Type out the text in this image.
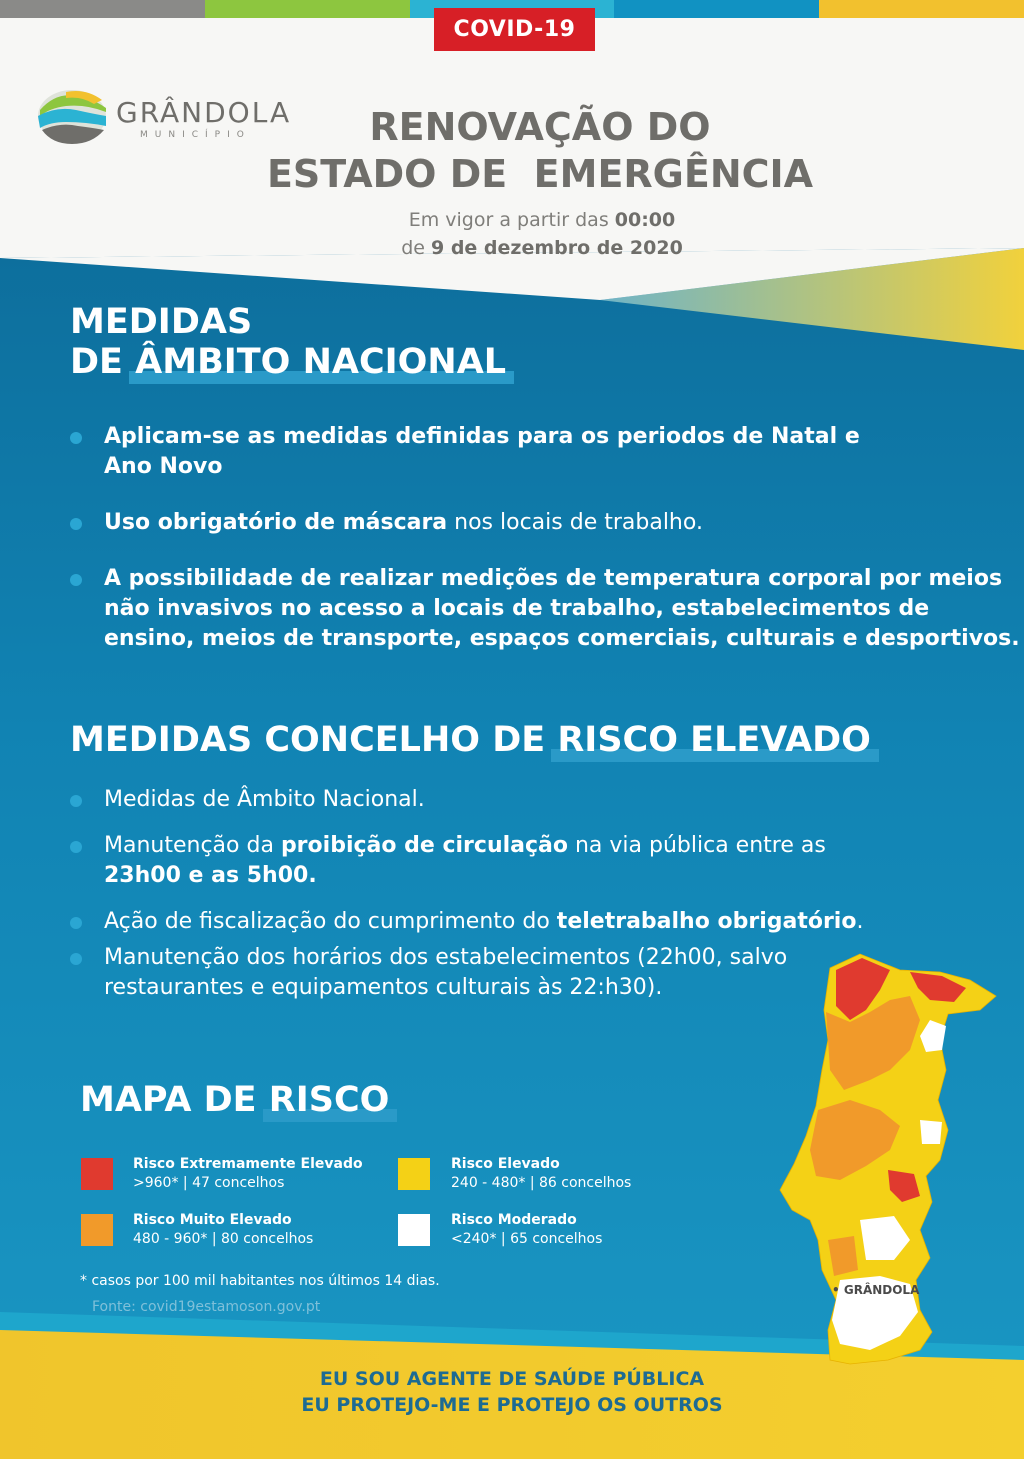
COVID-19
GRÂNDOLA
MUNICÍPIO	RENOVAÇÃO DO
ESTADO DE  EMERGÊNCIA
Em vigor a partir das 00:00
de 9 de dezembro de 2020
MEDIDAS
DE ÂMBITO NACIONAL
Aplicam-se as medidas definidas para os periodos de Natal e Ano Novo
Uso obrigatório de máscara nos locais de trabalho.
A possibilidade de realizar medições de temperatura corporal por meios não invasivos no acesso a locais de trabalho, estabelecimentos de ensino, meios de transporte, espaços comerciais, culturais e desportivos.
MEDIDAS CONCELHO DE RISCO ELEVADO
Medidas de Âmbito Nacional.
Manutenção da proibição de circulação na via pública entre as 23h00 e as 5h00.
Ação de fiscalização do cumprimento do teletrabalho obrigatório.
Manutenção dos horários dos estabelecimentos (22h00, salvo restaurantes e equipamentos culturais às 22:h30).
MAPA DE RISCO
Risco Extremamente Elevado
>960* | 47 concelhos
Risco Elevado
240 - 480* | 86 concelhos
Risco Muito Elevado
480 - 960* | 80 concelhos
Risco Moderado
<240* | 65 concelhos
* casos por 100 mil habitantes nos últimos 14 dias.
Fonte: covid19estamoson.gov.pt
• GRÂNDOLA
EU SOU AGENTE DE SAÚDE PÚBLICA
EU PROTEJO-ME E PROTEJO OS OUTROS
